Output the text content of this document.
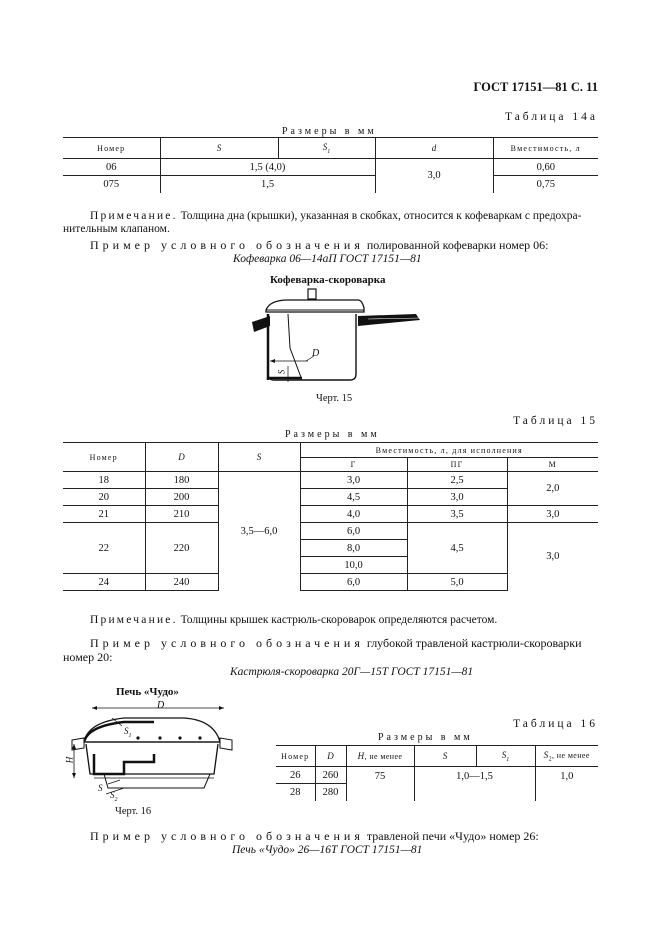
ГОСТ 17151—81 С. 11
Таблица 14а
Размеры в мм
Номер	S	$S_1$	d	Вместимость, л
06	1,5 (4,0)		3,0	0,60
075	1,5			0,75
Примечание. Толщина дна (крышки), указанная в скобках, относится к кофеваркам с предохра-
нительным клапаном.
Пример условного обозначения полированной кофеварки номер 06:
Кофеварка 06—14аП ГОСТ 17151—81
Кофеварка-скороварка
D
S
Черт. 15
Таблица 15
Размеры в мм
Номер	D	S	Вместимость, л, для исполнения		
			Г	ПГ	М
18	180	3,5—6,0	3,0	2,5	2,0
20	200		4,5	3,0	
21	210		4,0	3,5	3,0
22	220		6,0	4,5	3,0
			8,0		
			10,0		
24	240		6,0	5,0	
Примечание. Толщины крышек кастрюль-скороварок определяются расчетом.
Пример условного обозначения глубокой травленой кастрюли-скороварки
номер 20:
Кастрюля-скороварка 20Г—15Т ГОСТ 17151—81
Печь «Чудо»
D
$S_1$
H
S
$S_2$
Черт. 16
Таблица 16
Размеры в мм
Номер	D	H, не менее	S	$S_1$	$S_2$, не менее
26	260	75	1,0—1,5		1,0
28	280				
Пример условного обозначения травленой печи «Чудо» номер 26:
Печь «Чудо» 26—16Т ГОСТ 17151—81
